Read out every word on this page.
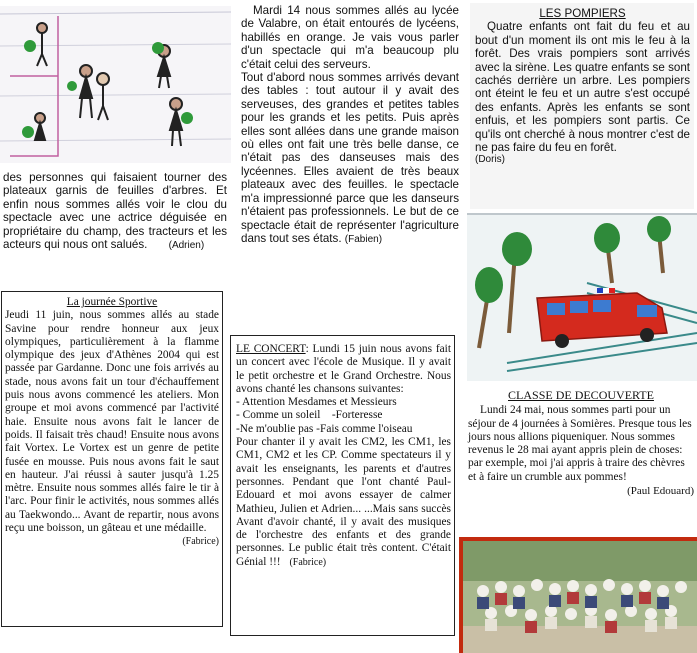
des personnes qui faisaient tourner des plateaux garnis de feuilles d'arbres. Et enfin nous sommes allés voir le clou du spectacle avec une actrice déguisée en propriétaire du champ, des tracteurs et les acteurs qui nous ont salués. (Adrien)
La journée Sportive

Jeudi 11 juin, nous sommes allés au stade Savine pour rendre honneur aux jeux olympiques, particulièrement à la flamme olympique des jeux d'Athènes 2004 qui est passée par Gardanne. Donc une fois arrivés au stade, nous avons fait un tour d'échauffement puis nous avons commencé les ateliers. Mon groupe et moi avons commencé par l'activité haie. Ensuite nous avons fait le lancer de poids. Il faisait très chaud! Ensuite nous avons fait Vortex. Le Vortex est un genre de petite fusée en mousse. Puis nous avons fait le saut en hauteur. J'ai réussi à sauter jusqu'à 1.25 mètre. Ensuite nous sommes allés faire le tir à l'arc. Pour finir le activités, nous sommes allés au Taekwondo... Avant de repartir, nous avons reçu une boisson, un gâteau et une médaille.

(Fabrice)

Mardi 14 nous sommes allés au lycée de Valabre, on était entourés de lycéens, habillés en orange. Je vais vous parler d'un spectacle qui m'a beaucoup plu c'était celui des serveurs.

Tout d'abord nous sommes arrivés devant des tables : tout autour il y avait des serveuses, des grandes et petites tables pour les grands et les petits. Puis après elles sont allées dans une grande maison où elles ont fait une très belle danse, ce n'était pas des danseuses mais des lycéennes. Elles avaient de très beaux plateaux avec des feuilles. le spectacle m'a impressionné parce que les danseurs n'étaient pas professionnels. Le but de ce spectacle était de représenter l'agriculture dans tout ses états. (Fabien)

LE CONCERT: Lundi 15 juin nous avons fait un concert avec l'école de Musique. Il y avait le petit orchestre et le Grand Orchestre. Nous avons chanté les chansons suivantes:

- Attention Mesdames et Messieurs
- Comme un soleil    -Forteresse
-Ne m'oublie pas -Fais comme l'oiseau

Pour chanter il y avait les CM2, les CM1, les CM1, CM2 et les CP. Comme spectateurs il y avait les enseignants, les parents et d'autres personnes. Pendant que l'ont chanté Paul-Edouard et moi avons essayer de calmer Mathieu, Julien et Adrien... ...Mais sans succès Avant d'avoir chanté, il y avait des musiques de l'orchestre des enfants et des grande personnes. Le public était très content. C'était Génial !!! (Fabrice)

LES POMPIERS

Quatre enfants ont fait du feu et au bout d'un moment ils ont mis le feu à la forêt. Des vrais pompiers sont arrivés avec la sirène. Les quatre enfants se sont cachés derrière un arbre. Les pompiers ont éteint le feu et un autre s'est occupé des enfants. Après les enfants se sont enfuis, et les pompiers sont partis. Ce qu'ils ont cherché à nous montrer c'est de ne pas faire du feu en forêt.

(Doris)
CLASSE DE DECOUVERTE

Lundi 24 mai, nous sommes parti pour un séjour de 4 journées à Somières. Presque tous les jours nous allions piqueniquer. Nous sommes revenus le 28 mai ayant appris plein de choses: par exemple, moi j'ai appris à traire des chèvres et à faire un crumble aux pommes!

(Paul Edouard)
